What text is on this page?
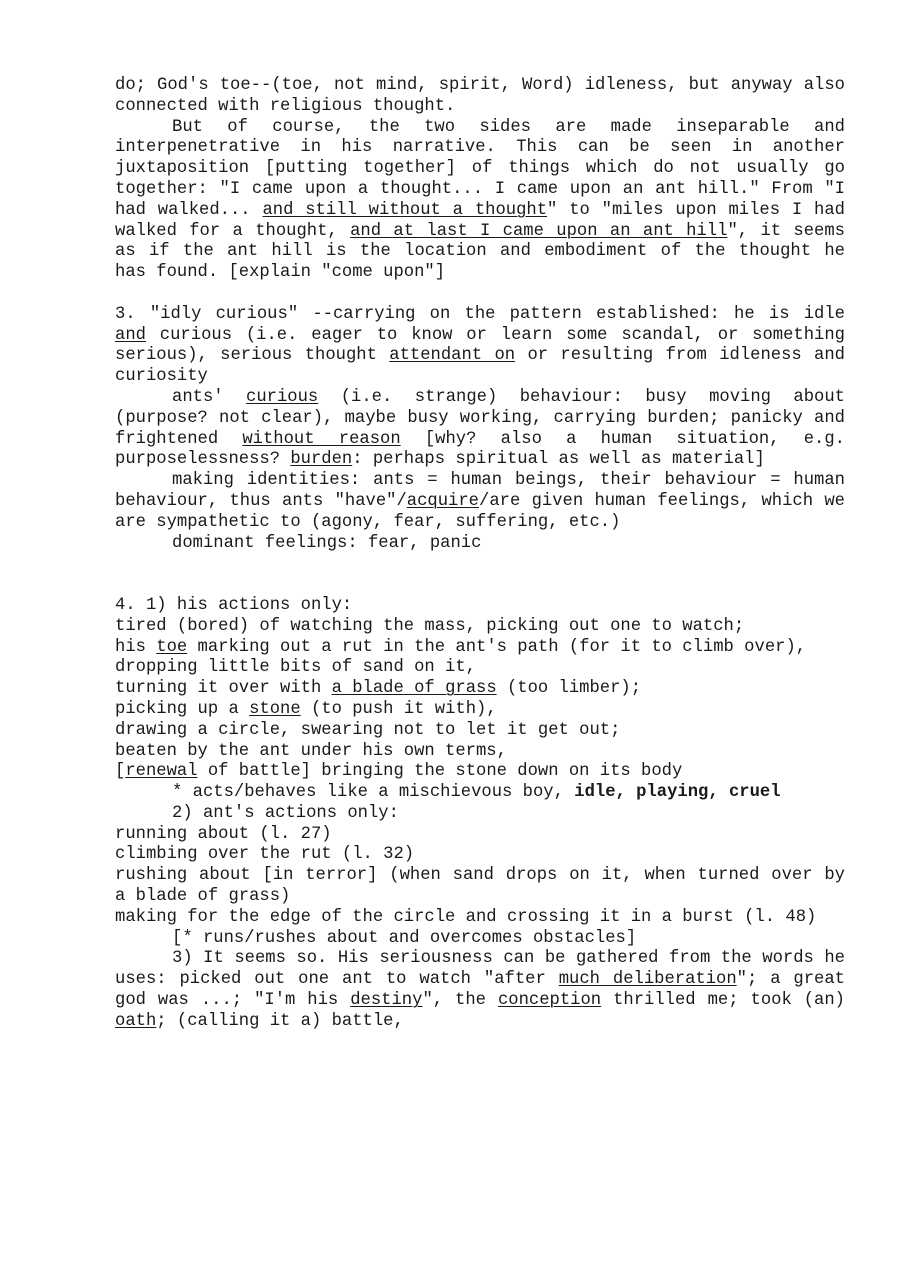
do; God's toe--(toe, not mind, spirit, Word) idleness, but anyway also connected with religious thought.

But of course, the two sides are made inseparable and interpenetrative in his narrative. This can be seen in another juxtaposition [putting together] of things which do not usually go together: "I came upon a thought... I came upon an ant hill." From "I had walked... and still without a thought" to "miles upon miles I had walked for a thought, and at last I came upon an ant hill", it seems as if the ant hill is the location and embodiment of the thought he has found. [explain "come upon"]

3. "idly curious" --carrying on the pattern established: he is idle and curious (i.e. eager to know or learn some scandal, or something serious), serious thought attendant on or resulting from idleness and curiosity

ants' curious (i.e. strange) behaviour: busy moving about (purpose? not clear), maybe busy working, carrying burden; panicky and frightened without reason [why? also a human situation, e.g. purposelessness? burden: perhaps spiritual as well as material]

making identities: ants = human beings, their behaviour = human behaviour, thus ants "have"/acquire/are given human feelings, which we are sympathetic to (agony, fear, suffering, etc.)

dominant feelings: fear, panic

4. 1) his actions only:

tired (bored) of watching the mass, picking out one to watch;

his toe marking out a rut in the ant's path (for it to climb over),

dropping little bits of sand on it,

turning it over with a blade of grass (too limber);

picking up a stone (to push it with),

drawing a circle, swearing not to let it get out;

beaten by the ant under his own terms,

[renewal of battle] bringing the stone down on its body

* acts/behaves like a mischievous boy, idle, playing, cruel

2) ant's actions only:

running about (l. 27)

climbing over the rut (l. 32)

rushing about [in terror] (when sand drops on it, when turned over by a blade of grass)

making for the edge of the circle and crossing it in a burst (l. 48)

[* runs/rushes about and overcomes obstacles]

3) It seems so. His seriousness can be gathered from the words he uses: picked out one ant to watch "after much deliberation"; a great god was ...; "I'm his destiny", the conception thrilled me; took (an) oath; (calling it a) battle,
